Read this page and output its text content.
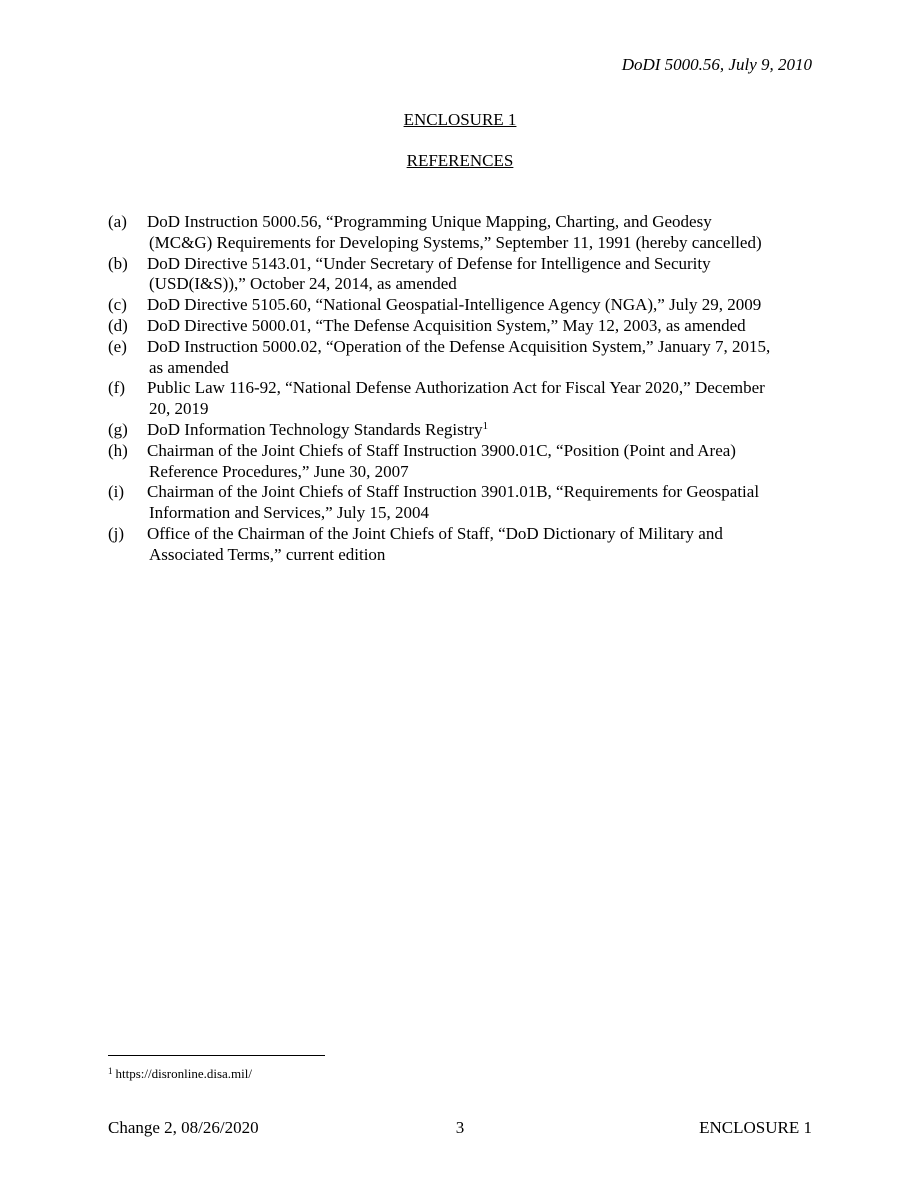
DoDI 5000.56, July 9, 2010
ENCLOSURE 1
REFERENCES
(a)	DoD Instruction 5000.56, “Programming Unique Mapping, Charting, and Geodesy
(MC&G) Requirements for Developing Systems,” September 11, 1991 (hereby cancelled)
(b)	DoD Directive 5143.01, “Under Secretary of Defense for Intelligence and Security
(USD(I&S)),” October 24, 2014, as amended
(c)	DoD Directive 5105.60, “National Geospatial-Intelligence Agency (NGA),” July 29, 2009
(d)	DoD Directive 5000.01, “The Defense Acquisition System,” May 12, 2003, as amended
(e)	DoD Instruction 5000.02, “Operation of the Defense Acquisition System,” January 7, 2015,
as amended
(f)	Public Law 116-92, “National Defense Authorization Act for Fiscal Year 2020,” December
20, 2019
(g)	DoD Information Technology Standards Registry$^1$
(h)	Chairman of the Joint Chiefs of Staff Instruction 3900.01C, “Position (Point and Area)
Reference Procedures,” June 30, 2007
(i)	Chairman of the Joint Chiefs of Staff Instruction 3901.01B, “Requirements for Geospatial
Information and Services,” July 15, 2004
(j)	Office of the Chairman of the Joint Chiefs of Staff, “DoD Dictionary of Military and
Associated Terms,” current edition
$^1$ https://disronline.disa.mil/
Change 2, 08/26/2020	3	ENCLOSURE 1
